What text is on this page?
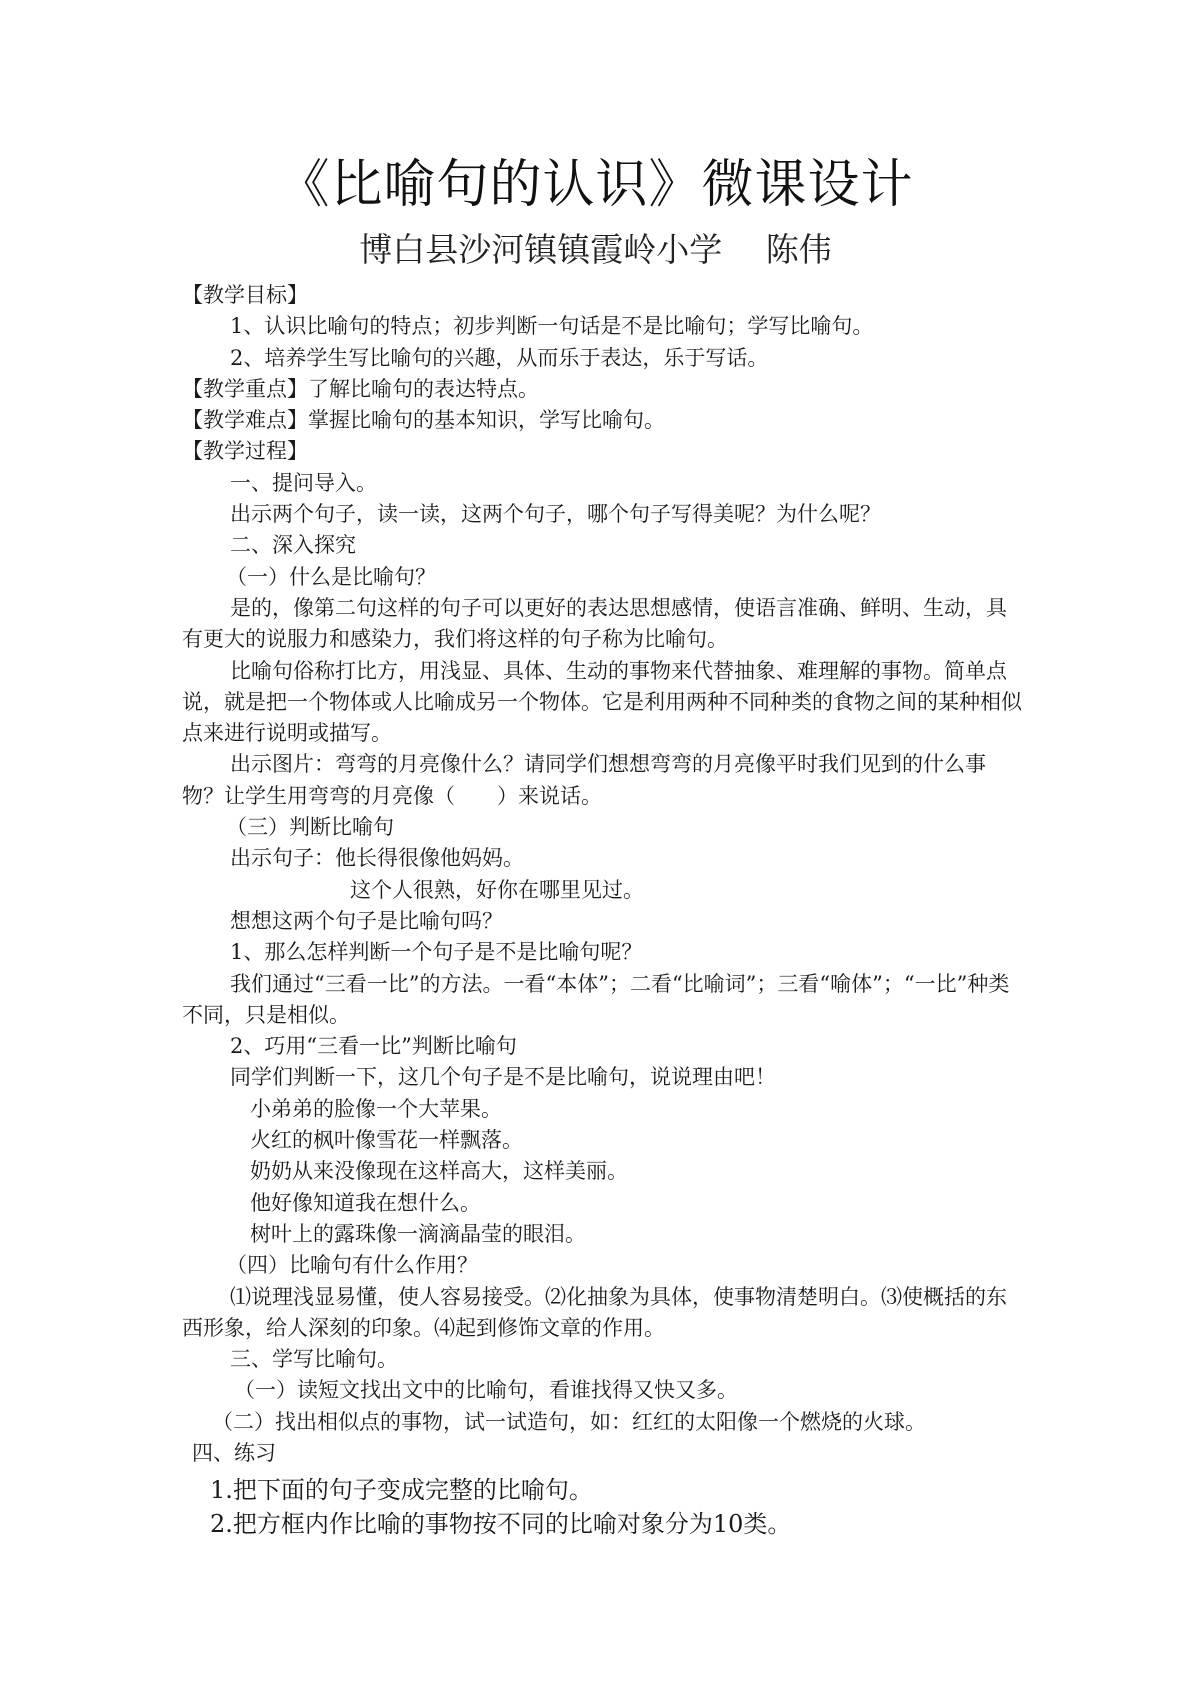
《比喻句的认识》微课设计
博白县沙河镇镇霞岭小学　 陈伟

【教学目标】

1、认识比喻句的特点；初步判断一句话是不是比喻句；学写比喻句。

2、培养学生写比喻句的兴趣，从而乐于表达，乐于写话。

【教学重点】了解比喻句的表达特点。

【教学难点】掌握比喻句的基本知识，学写比喻句。

【教学过程】

一、提问导入。

出示两个句子，读一读，这两个句子，哪个句子写得美呢？为什么呢？

二、深入探究

（一）什么是比喻句？

是的，像第二句这样的句子可以更好的表达思想感情，使语言准确、鲜明、生动，具有更大的说服力和感染力，我们将这样的句子称为比喻句。

比喻句俗称打比方，用浅显、具体、生动的事物来代替抽象、难理解的事物。简单点说，就是把一个物体或人比喻成另一个物体。它是利用两种不同种类的食物之间的某种相似点来进行说明或描写。

出示图片：弯弯的月亮像什么？请同学们想想弯弯的月亮像平时我们见到的什么事物？让学生用弯弯的月亮像（　　）来说话。

（三）判断比喻句

出示句子：他长得很像他妈妈。

这个人很熟，好你在哪里见过。

想想这两个句子是比喻句吗？

1、那么怎样判断一个句子是不是比喻句呢？

我们通过“三看一比”的方法。一看“本体”；二看“比喻词”；三看“喻体”；“一比”种类不同，只是相似。

2、巧用“三看一比”判断比喻句

同学们判断一下，这几个句子是不是比喻句，说说理由吧！

小弟弟的脸像一个大苹果。

火红的枫叶像雪花一样飘落。

奶奶从来没像现在这样高大，这样美丽。

他好像知道我在想什么。

树叶上的露珠像一滴滴晶莹的眼泪。

（四）比喻句有什么作用？

⑴说理浅显易懂，使人容易接受。⑵化抽象为具体，使事物清楚明白。⑶使概括的东西形象，给人深刻的印象。⑷起到修饰文章的作用。

三、学写比喻句。

（一）读短文找出文中的比喻句，看谁找得又快又多。

（二）找出相似点的事物，试一试造句，如：红红的太阳像一个燃烧的火球。

四、练习

1.把下面的句子变成完整的比喻句。

2.把方框内作比喻的事物按不同的比喻对象分为10类。
